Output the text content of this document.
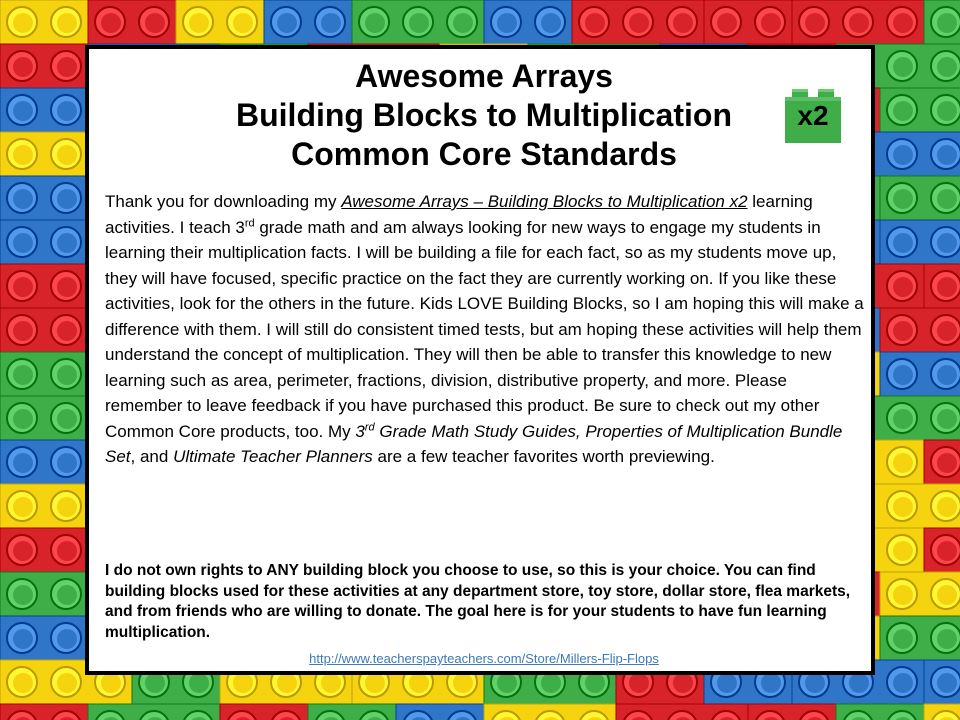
Awesome Arrays
Building Blocks to Multiplication
Common Core Standards
x2
Thank you for downloading my Awesome Arrays – Building Blocks to Multiplication x2 learning activities. I teach 3rd grade math and am always looking for new ways to engage my students in learning their multiplication facts. I will be building a file for each fact, so as my students move up, they will have focused, specific practice on the fact they are currently working on. If you like these activities, look for the others in the future. Kids LOVE Building Blocks, so I am hoping this will make a difference with them. I will still do consistent timed tests, but am hoping these activities will help them understand the concept of multiplication. They will then be able to transfer this knowledge to new learning such as area, perimeter, fractions, division, distributive property, and more. Please remember to leave feedback if you have purchased this product. Be sure to check out my other Common Core products, too. My 3rd Grade Math Study Guides, Properties of Multiplication Bundle Set, and Ultimate Teacher Planners are a few teacher favorites worth previewing.
I do not own rights to ANY building block you choose to use, so this is your choice. You can find building blocks used for these activities at any department store, toy store, dollar store, flea markets, and from friends who are willing to donate. The goal here is for your students to have fun learning multiplication.
http://www.teacherspayteachers.com/Store/Millers-Flip-Flops
